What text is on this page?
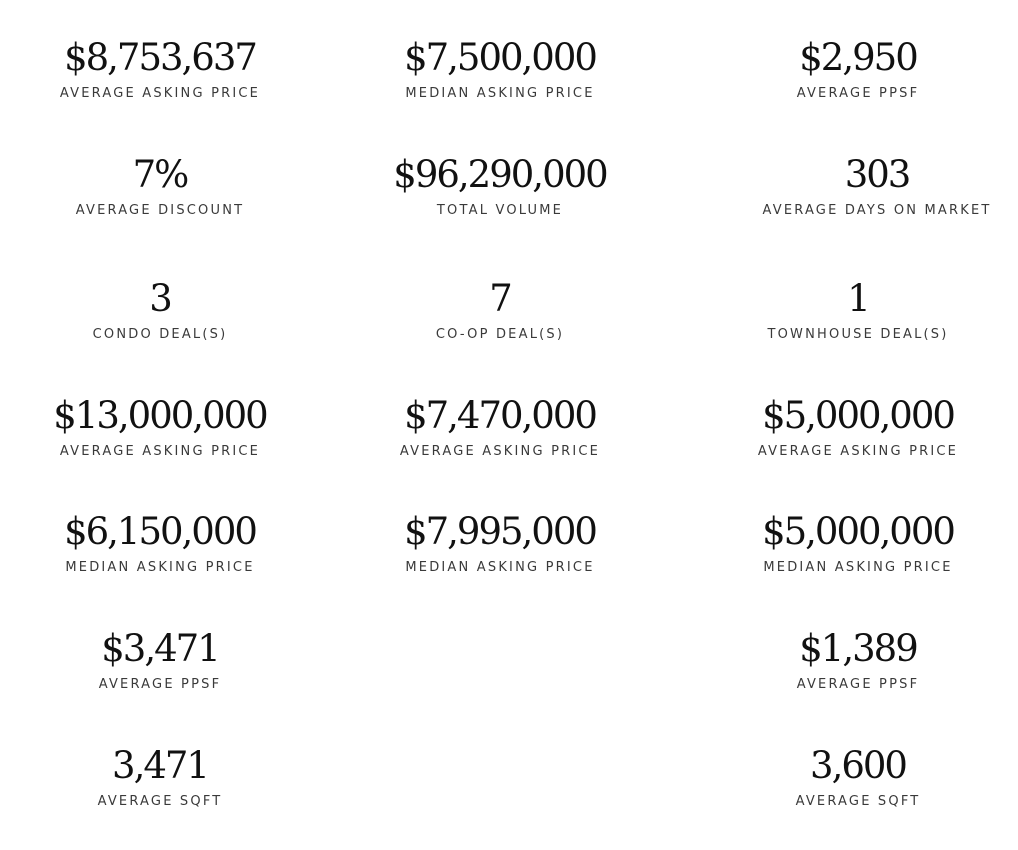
$8,753,637
AVERAGE ASKING PRICE
$7,500,000
MEDIAN ASKING PRICE
$2,950
AVERAGE PPSF
7%
AVERAGE DISCOUNT
$96,290,000
TOTAL VOLUME
303
AVERAGE DAYS ON MARKET
3
CONDO DEAL(S)
7
CO-OP DEAL(S)
1
TOWNHOUSE DEAL(S)
$13,000,000
AVERAGE ASKING PRICE
$7,470,000
AVERAGE ASKING PRICE
$5,000,000
AVERAGE ASKING PRICE
$6,150,000
MEDIAN ASKING PRICE
$7,995,000
MEDIAN ASKING PRICE
$5,000,000
MEDIAN ASKING PRICE
$3,471
AVERAGE PPSF
$1,389
AVERAGE PPSF
3,471
AVERAGE SQFT
3,600
AVERAGE SQFT
